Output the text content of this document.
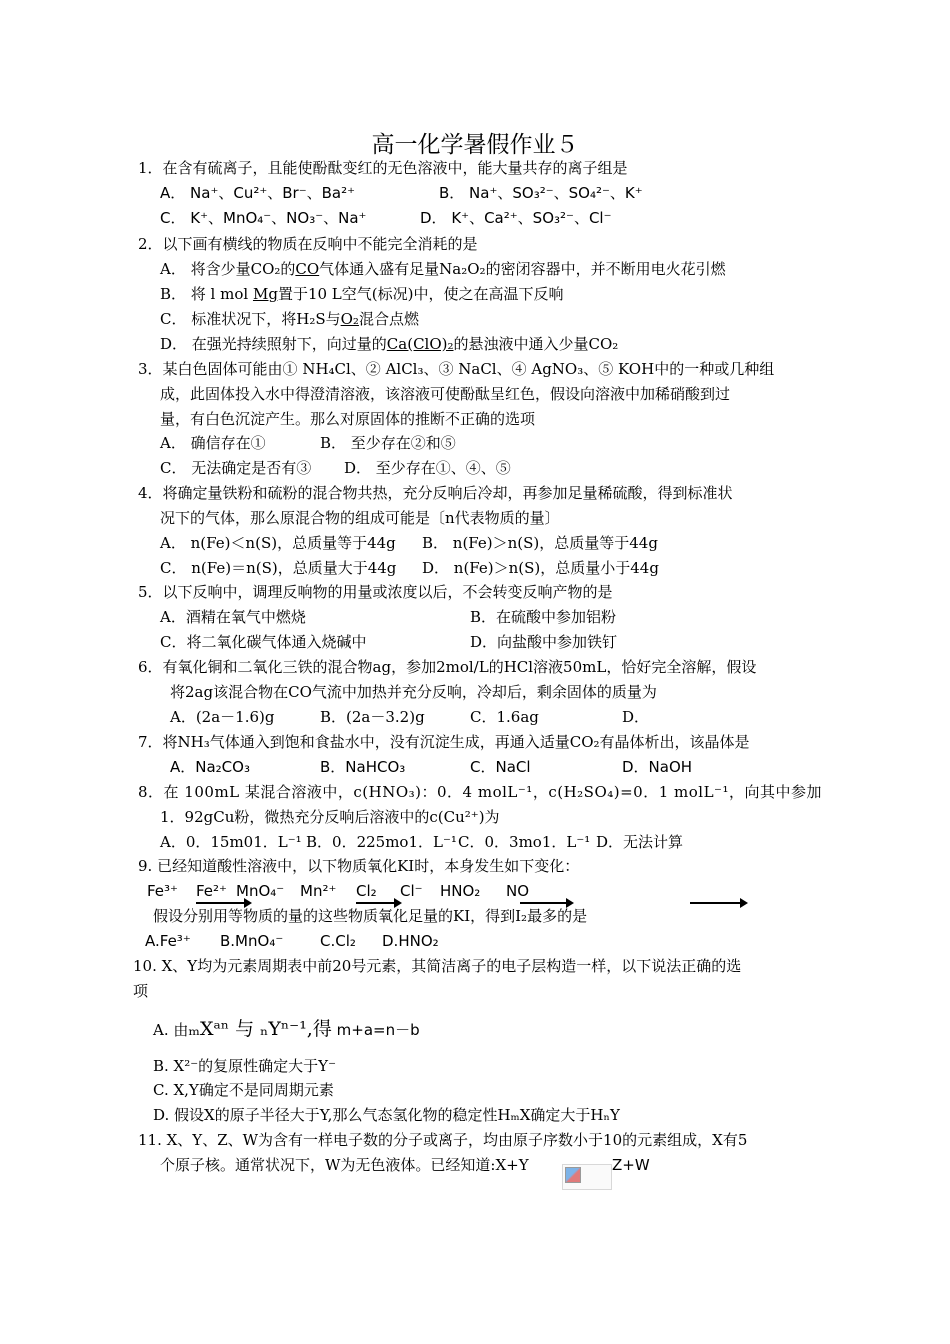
高一化学暑假作业５
1．在含有硫离子，且能使酚酞变红的无色溶液中，能大量共存的离子组是
A． Na⁺、Cu²⁺、Br⁻、Ba²⁺	B． Na⁺、SO₃²⁻、SO₄²⁻、K⁺
C． K⁺、MnO₄⁻、NO₃⁻、Na⁺	D． K⁺、Ca²⁺、SO₃²⁻、Cl⁻
2．以下画有横线的物质在反响中不能完全消耗的是
A． 将含少量CO₂的CO气体通入盛有足量Na₂O₂的密闭容器中，并不断用电火花引燃
B． 将 l mol Mg置于10 L空气(标况)中，使之在高温下反响
C． 标准状况下，将H₂S与O₂混合点燃
D． 在强光持续照射下，向过量的Ca(ClO)₂的悬浊液中通入少量CO₂
3．某白色固体可能由① NH₄Cl、② AlCl₃、③ NaCl、④ AgNO₃、⑤ KOH中的一种或几种组
成，此固体投入水中得澄清溶液，该溶液可使酚酞呈红色，假设向溶液中加稀硝酸到过
量，有白色沉淀产生。那么对原固体的推断不正确的选项
A． 确信存在①	B． 至少存在②和⑤
C． 无法确定是否有③ D． 至少存在①、④、⑤
4．将确定量铁粉和硫粉的混合物共热，充分反响后冷却，再参加足量稀硫酸，得到标准状
况下的气体，那么原混合物的组成可能是〔n代表物质的量〕
A． n(Fe)＜n(S)，总质量等于44g B． n(Fe)＞n(S)，总质量等于44g
C． n(Fe)＝n(S)，总质量大于44g D． n(Fe)＞n(S)，总质量小于44g
5．以下反响中，调理反响物的用量或浓度以后，不会转变反响产物的是
A．酒精在氧气中燃烧	B．在硫酸中参加铝粉
C．将二氧化碳气体通入烧碱中	D．向盐酸中参加铁钉
6．有氧化铜和二氧化三铁的混合物ag，参加2mol/L的HCl溶液50mL，恰好完全溶解，假设
将2ag该混合物在CO气流中加热并充分反响，冷却后，剩余固体的质量为
A．(2a－1.6)g	B．(2a－3.2)g	C．1.6ag	D．
7．将NH₃气体通入到饱和食盐水中，没有沉淀生成，再通入适量CO₂有晶体析出，该晶体是
A．Na₂CO₃	B．NaHCO₃	C．NaCl	D．NaOH
8．在 100mL 某混合溶液中，c(HNO₃)：0．4 molL⁻¹，c(H₂SO₄)=0．1 molL⁻¹，向其中参加
1．92gCu粉，微热充分反响后溶液中的c(Cu²⁺)为
A．0．15m01．L⁻¹ B．0．225mo1．L⁻¹ C．0．3mo1．L⁻¹ D．无法计算
9. 已经知道酸性溶液中，以下物质氧化KI时，本身发生如下变化：
Fe³⁺ Fe²⁺ MnO₄⁻ Mn²⁺ Cl₂ Cl⁻ HNO₂ NO
假设分别用等物质的量的这些物质氧化足量的KI，得到I₂最多的是
A.Fe³⁺ B.MnO₄⁻ C.Cl₂ D.HNO₂
10. X、Y均为元素周期表中前20号元素，其简洁离子的电子层构造一样，以下说法正确的选
项
A. 由ₘXᵃⁿ 与 ₙYⁿ⁻¹,得 m+a=n－b
B. X²⁻的复原性确定大于Y⁻
C. X,Y确定不是同周期元素
D. 假设X的原子半径大于Y,那么气态氢化物的稳定性HₘX确定大于HₙY
11. X、Y、Z、W为含有一样电子数的分子或离子，均由原子序数小于10的元素组成，X有5
个原子核。通常状况下，W为无色液体。已经知道:X+Y	Z+W
